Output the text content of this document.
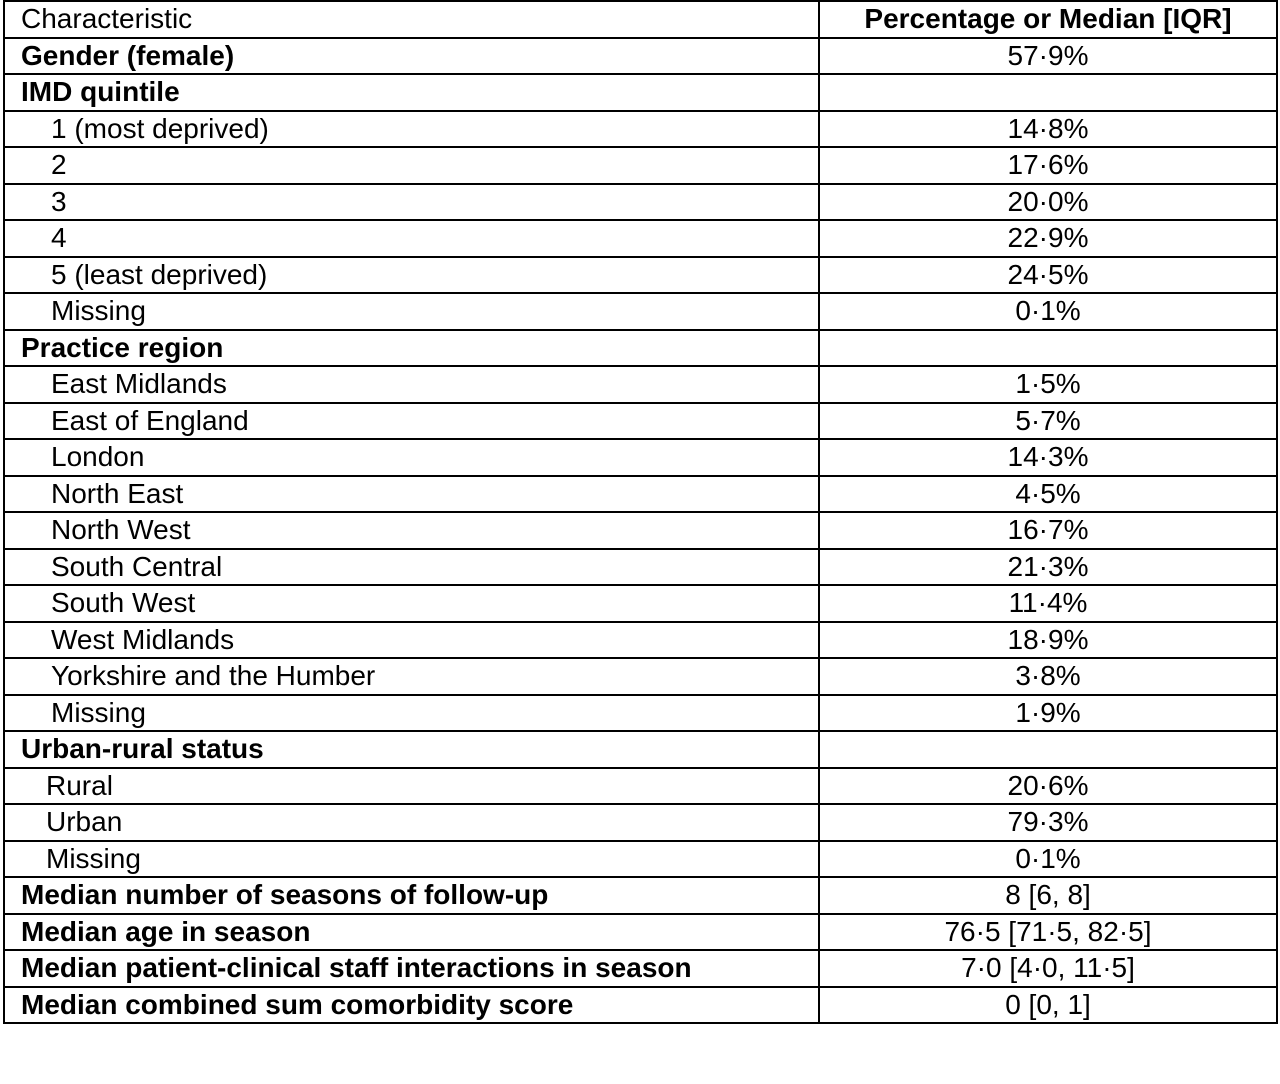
Characteristic	Percentage or Median [IQR]
Gender (female)	57·9%
IMD quintile	
1 (most deprived)	14·8%
2	17·6%
3	20·0%
4	22·9%
5 (least deprived)	24·5%
Missing	0·1%
Practice region	
East Midlands	1·5%
East of England	5·7%
London	14·3%
North East	4·5%
North West	16·7%
South Central	21·3%
South West	11·4%
West Midlands	18·9%
Yorkshire and the Humber	3·8%
Missing	1·9%
Urban-rural status	
Rural	20·6%
Urban	79·3%
Missing	0·1%
Median number of seasons of follow-up	8 [6, 8]
Median age in season	76·5 [71·5, 82·5]
Median patient-clinical staff interactions in season	7·0 [4·0, 11·5]
Median combined sum comorbidity score	0 [0, 1]
